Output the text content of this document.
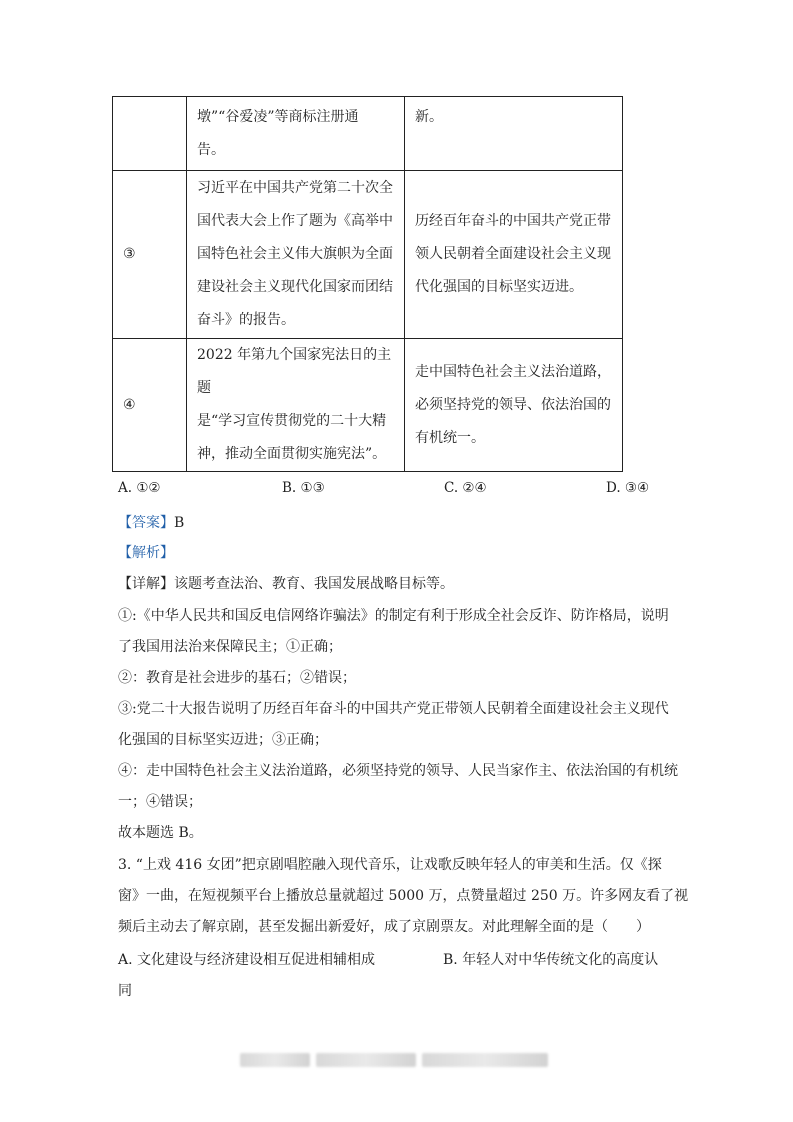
	墩”“谷爱凌”等商标注册通
告。	新。

③	习近平在中国共产党第二十次全
国代表大会上作了题为《高举中
国特色社会主义伟大旗帜为全面
建设社会主义现代化国家而团结
奋斗》的报告。	历经百年奋斗的中国共产党正带
领人民朝着全面建设社会主义现
代化强国的目标坚实迈进。

④	2022 年第九个国家宪法日的主题
是“学习宣传贯彻党的二十大精
神，推动全面贯彻实施宪法”。	走中国特色社会主义法治道路，
必须坚持党的领导、依法治国的
有机统一。
A. ①②	B. ①③	C. ②④	D. ③④
【答案】B
【解析】
【详解】该题考查法治、教育、我国发展战略目标等。
①:《中华人民共和国反电信网络诈骗法》的制定有利于形成全社会反诈、防诈格局，说明
了我国用法治来保障民主；①正确；
②：教育是社会进步的基石；②错误；
③:党二十大报告说明了历经百年奋斗的中国共产党正带领人民朝着全面建设社会主义现代
化强国的目标坚实迈进；③正确；
④：走中国特色社会主义法治道路，必须坚持党的领导、人民当家作主、依法治国的有机统
一；④错误；
故本题选 B。
3. “上戏 416 女团”把京剧唱腔融入现代音乐，让戏歌反映年轻人的审美和生活。仅《探
窗》一曲，在短视频平台上播放总量就超过 5000 万，点赞量超过 250 万。许多网友看了视
频后主动去了解京剧，甚至发掘出新爱好，成了京剧票友。对此理解全面的是（　　）
A. 文化建设与经济建设相互促进相辅相成	B. 年轻人对中华传统文化的高度认
同
